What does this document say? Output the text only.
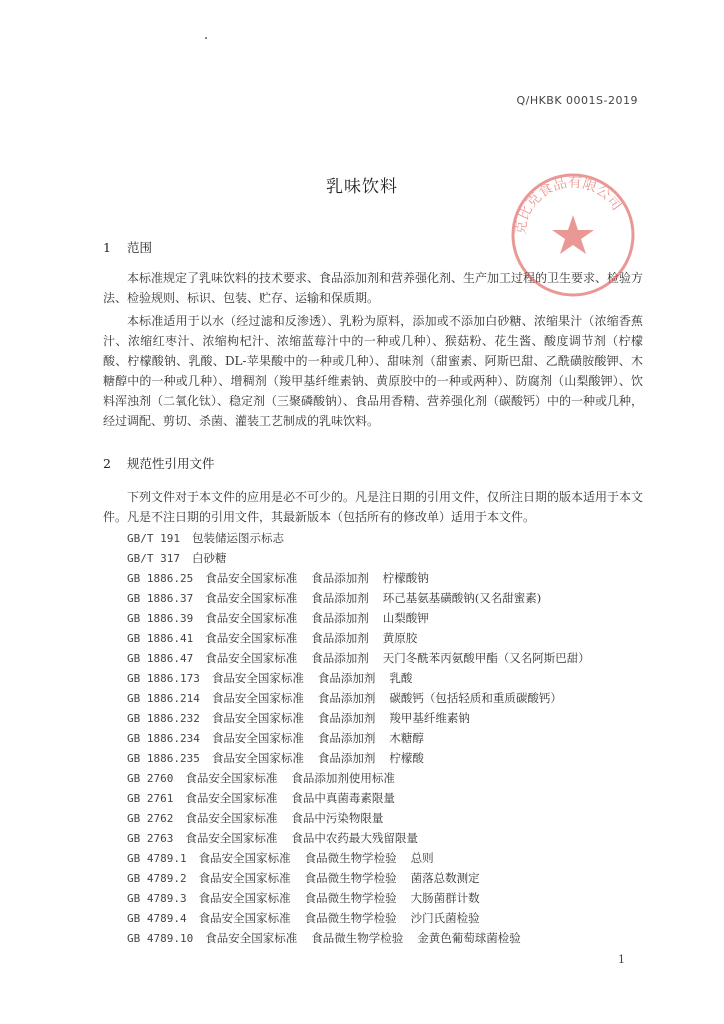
Q/HKBK 0001S-2019
乳味饮料
1 范围

本标准规定了乳味饮料的技术要求、食品添加剂和营养强化剂、生产加工过程的卫生要求、检验方法、检验规则、标识、包装、贮存、运输和保质期。

本标准适用于以水（经过滤和反渗透）、乳粉为原料，添加或不添加白砂糖、浓缩果汁（浓缩香蕉汁、浓缩红枣汁、浓缩枸杞汁、浓缩蓝莓汁中的一种或几种）、猴菇粉、花生酱、酸度调节剂（柠檬酸、柠檬酸钠、乳酸、DL-苹果酸中的一种或几种）、甜味剂（甜蜜素、阿斯巴甜、乙酰磺胺酸钾、木糖醇中的一种或几种）、增稠剂（羧甲基纤维素钠、黄原胶中的一种或两种）、防腐剂（山梨酸钾）、饮料浑浊剂（二氧化钛）、稳定剂（三聚磷酸钠）、食品用香精、营养强化剂（碳酸钙）中的一种或几种，经过调配、剪切、杀菌、灌装工艺制成的乳味饮料。

2 规范性引用文件

下列文件对于本文件的应用是必不可少的。凡是注日期的引用文件，仅所注日期的版本适用于本文件。凡是不注日期的引用文件，其最新版本（包括所有的修改单）适用于本文件。

GB/T 191 包装储运图示标志
GB/T 317 白砂糖
GB 1886.25 食品安全国家标准 食品添加剂 柠檬酸钠
GB 1886.37 食品安全国家标准 食品添加剂 环己基氨基磺酸钠(又名甜蜜素)
GB 1886.39 食品安全国家标准 食品添加剂 山梨酸钾
GB 1886.41 食品安全国家标准 食品添加剂 黄原胶
GB 1886.47 食品安全国家标准 食品添加剂 天门冬酰苯丙氨酸甲酯（又名阿斯巴甜）
GB 1886.173 食品安全国家标准 食品添加剂 乳酸
GB 1886.214 食品安全国家标准 食品添加剂 碳酸钙（包括轻质和重质碳酸钙）
GB 1886.232 食品安全国家标准 食品添加剂 羧甲基纤维素钠
GB 1886.234 食品安全国家标准 食品添加剂 木糖醇
GB 1886.235 食品安全国家标准 食品添加剂 柠檬酸
GB 2760 食品安全国家标准 食品添加剂使用标准
GB 2761 食品安全国家标准 食品中真菌毒素限量
GB 2762 食品安全国家标准 食品中污染物限量
GB 2763 食品安全国家标准 食品中农药最大残留限量
GB 4789.1 食品安全国家标准 食品微生物学检验 总则
GB 4789.2 食品安全国家标准 食品微生物学检验 菌落总数测定
GB 4789.3 食品安全国家标准 食品微生物学检验 大肠菌群计数
GB 4789.4 食品安全国家标准 食品微生物学检验 沙门氏菌检验
GB 4789.10 食品安全国家标准 食品微生物学检验 金黄色葡萄球菌检验
1
克比克食品有限公司
